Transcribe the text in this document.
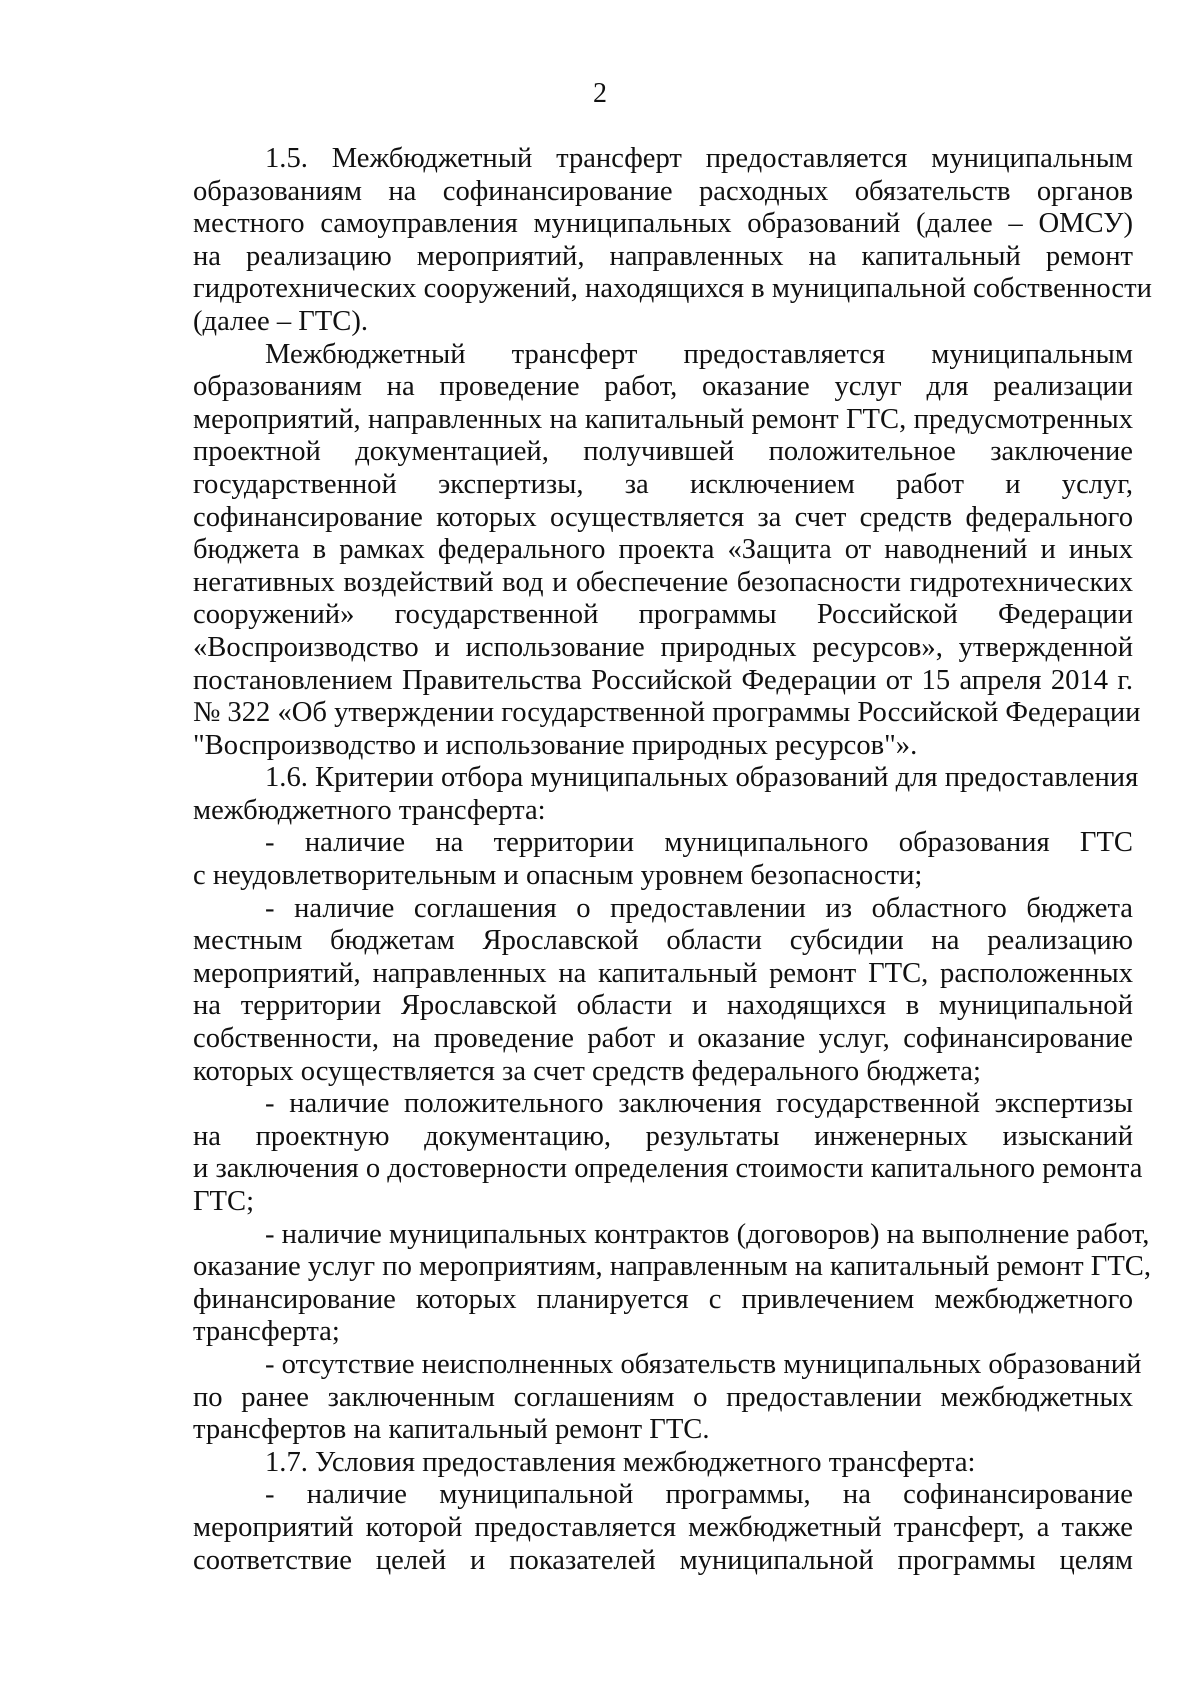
2
1.5. Межбюджетный трансферт предоставляется муниципальным
образованиям на софинансирование расходных обязательств органов
местного самоуправления муниципальных образований (далее – ОМСУ)
на реализацию мероприятий, направленных на капитальный ремонт
гидротехнических сооружений, находящихся в муниципальной собственности
(далее – ГТС).
Межбюджетный трансферт предоставляется муниципальным
образованиям на проведение работ, оказание услуг для реализации
мероприятий, направленных на капитальный ремонт ГТС, предусмотренных
проектной документацией, получившей положительное заключение
государственной экспертизы, за исключением работ и услуг,
софинансирование которых осуществляется за счет средств федерального
бюджета в рамках федерального проекта «Защита от наводнений и иных
негативных воздействий вод и обеспечение безопасности гидротехнических
сооружений» государственной программы Российской Федерации
«Воспроизводство и использование природных ресурсов», утвержденной
постановлением Правительства Российской Федерации от 15 апреля 2014 г.
№ 322 «Об утверждении государственной программы Российской Федерации
"Воспроизводство и использование природных ресурсов"».
1.6. Критерии отбора муниципальных образований для предоставления
межбюджетного трансферта:
- наличие на территории муниципального образования ГТС
с неудовлетворительным и опасным уровнем безопасности;
- наличие соглашения о предоставлении из областного бюджета
местным бюджетам Ярославской области субсидии на реализацию
мероприятий, направленных на капитальный ремонт ГТС, расположенных
на территории Ярославской области и находящихся в муниципальной
собственности, на проведение работ и оказание услуг, софинансирование
которых осуществляется за счет средств федерального бюджета;
- наличие положительного заключения государственной экспертизы
на проектную документацию, результаты инженерных изысканий
и заключения о достоверности определения стоимости капитального ремонта
ГТС;
- наличие муниципальных контрактов (договоров) на выполнение работ,
оказание услуг по мероприятиям, направленным на капитальный ремонт ГТС,
финансирование которых планируется с привлечением межбюджетного
трансферта;
- отсутствие неисполненных обязательств муниципальных образований
по ранее заключенным соглашениям о предоставлении межбюджетных
трансфертов на капитальный ремонт ГТС.
1.7. Условия предоставления межбюджетного трансферта:
- наличие муниципальной программы, на софинансирование
мероприятий которой предоставляется межбюджетный трансферт, а также
соответствие целей и показателей муниципальной программы целям
